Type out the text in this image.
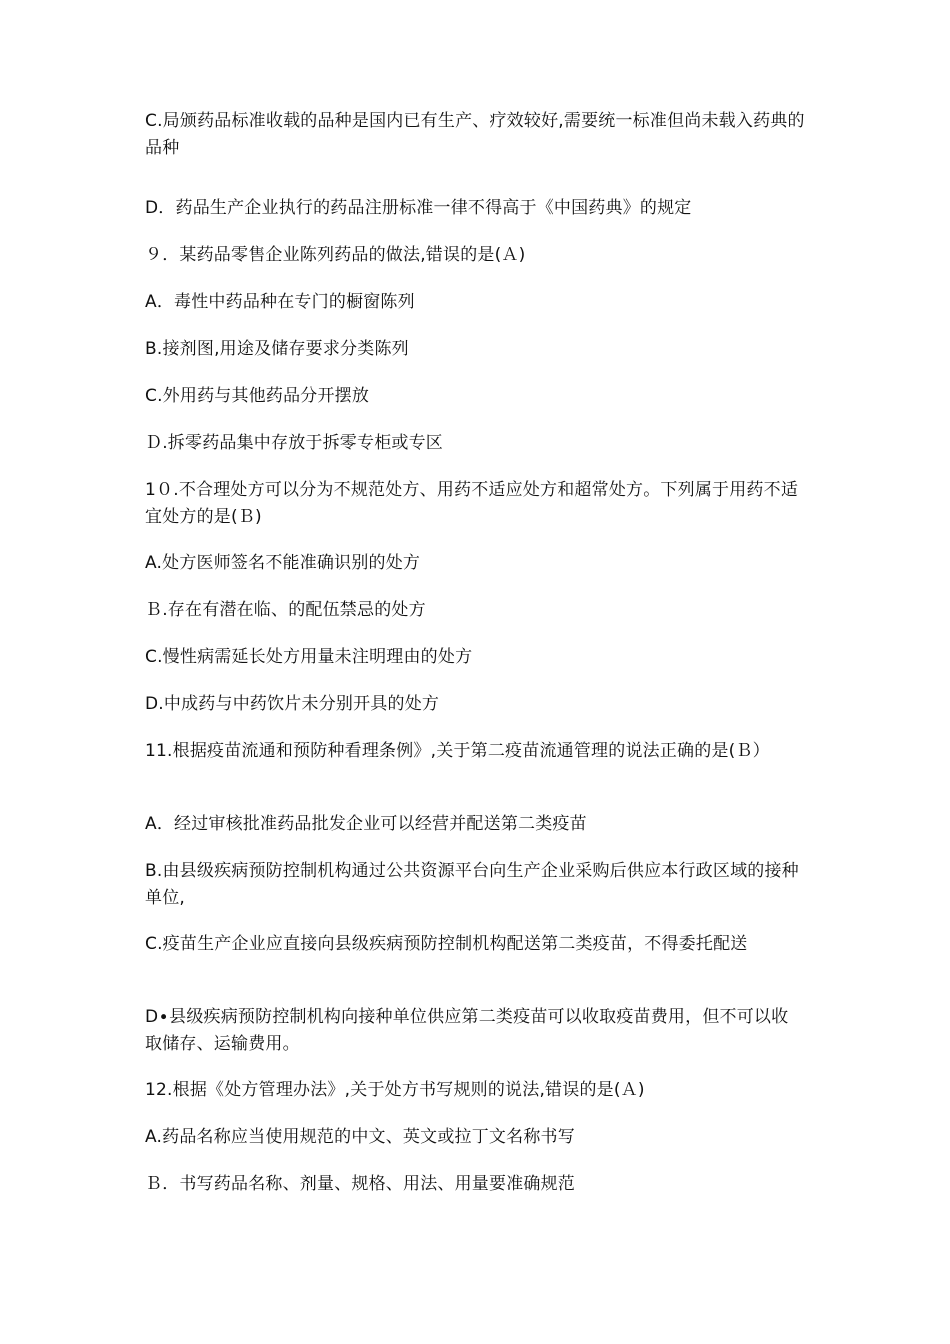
C.局颁药品标准收载的品种是国内已有生产、疗效较好,需要统一标准但尚未载入药典的品种

D．药品生产企业执行的药品注册标准一律不得高于《中国药典》的规定

９．某药品零售企业陈列药品的做法,错误的是(Ａ)

A．毒性中药品种在专门的橱窗陈列

B.接剂图,用途及储存要求分类陈列

C.外用药与其他药品分开摆放

Ｄ.拆零药品集中存放于拆零专柜或专区

1０.不合理处方可以分为不规范处方、用药不适应处方和超常处方。下列属于用药不适宜处方的是(Ｂ)

A.处方医师签名不能准确识别的处方

Ｂ.存在有潜在临、的配伍禁忌的处方

C.慢性病需延长处方用量未注明理由的处方

D.中成药与中药饮片未分别开具的处方

11.根据疫苗流通和预防种看理条例》,关于第二疫苗流通管理的说法正确的是(Ｂ）

A．经过审核批准药品批发企业可以经营并配送第二类疫苗

B.由县级疾病预防控制机构通过公共资源平台向生产企业采购后供应本行政区域的接种单位,

C.疫苗生产企业应直接向县级疾病预防控制机构配送第二类疫苗，不得委托配送

D∙县级疾病预防控制机构向接种单位供应第二类疫苗可以收取疫苗费用，但不可以收取储存、运输费用。

12.根据《处方管理办法》,关于处方书写规则的说法,错误的是(Ａ)

A.药品名称应当使用规范的中文、英文或拉丁文名称书写

Ｂ．书写药品名称、剂量、规格、用法、用量要准确规范
